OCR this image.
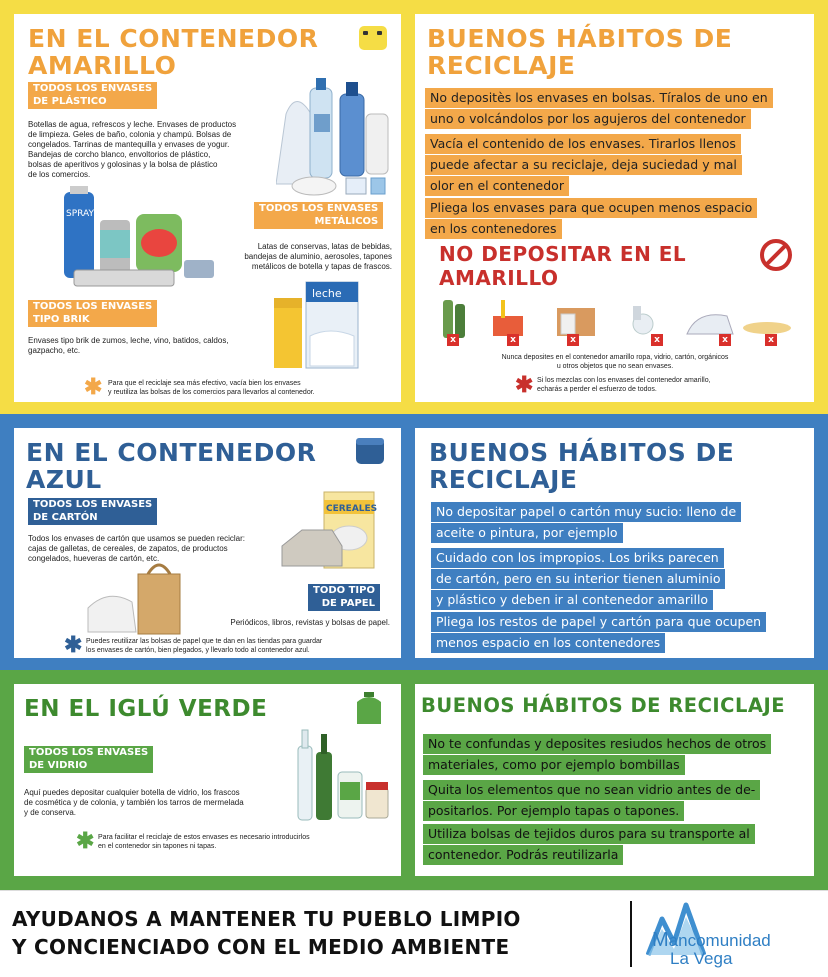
EN EL CONTENEDOR
AMARILLO
TODOS LOS ENVASES
DE PLÁSTICO
Botellas de agua, refrescos y leche. Envases de productos
de limpieza. Geles de baño, colonia y champú. Bolsas de
congelados. Tarrinas de mantequilla y envases de yogur.
Bandejas de corcho blanco, envoltorios de plástico,
bolsas de aperitivos y golosinas y la bolsa de plástico
de los comercios.
SPRAY	TODOS LOS ENVASES
METÁLICOS
Latas de conservas, latas de bebidas,
bandejas de aluminio, aerosoles, tapones
metálicos de botella y tapas de frascos.
TODOS LOS ENVASES
TIPO BRIK
Envases tipo brik de zumos, leche, vino, batidos, caldos,
gazpacho, etc.
leche
✱ Para que el reciclaje sea más efectivo, vacía bien los envases
y reutiliza las bolsas de los comercios para llevarlos al contenedor.
BUENOS HÁBITOS DE
RECICLAJE
No depositès los envases en bolsas. Tíralos de uno en
uno o volcándolos por los agujeros del contenedor
Vacía el contenido de los envases. Tirarlos llenos
puede afectar a su reciclaje, deja suciedad y mal
olor en el contenedor
Pliega los envases para que ocupen menos espacio
en los contenedores
NO DEPOSITAR EN EL
AMARILLO
x	x	x	x	x	x
Nunca deposites en el contenedor amarillo ropa, vidrio, cartón, orgánicos
u otros objetos que no sean envases.
✱ Si los mezclas con los envases del contenedor amarillo,
echarás a perder el esfuerzo de todos.
EN EL CONTENEDOR
AZUL
TODOS LOS ENVASES
DE CARTÓN
Todos los envases de cartón que usamos se pueden reciclar:
cajas de galletas, de cereales, de zapatos, de productos
congelados, hueveras de cartón, etc.
CEREALES
TODO TIPO
DE PAPEL
Periódicos, libros, revistas y bolsas de papel.
✱ Puedes reutilizar las bolsas de papel que te dan en las tiendas para guardar
los envases de cartón, bien plegados, y llevarlo todo al contenedor azul.
BUENOS HÁBITOS DE
RECICLAJE
No depositar papel o cartón muy sucio: lleno de
aceite o pintura, por ejemplo
Cuidado con los impropios. Los briks parecen
de cartón, pero en su interior tienen aluminio
y plástico y deben ir al contenedor amarillo
Pliega los restos de papel y cartón para que ocupen
menos espacio en los contenedores
EN EL IGLÚ VERDE
TODOS LOS ENVASES
DE VIDRIO
Aquí puedes depositar cualquier botella de vidrio, los frascos
de cosmética y de colonia, y también los tarros de mermelada
y de conserva.
✱ Para facilitar el reciclaje de estos envases es necesario introducirlos
en el contenedor sin tapones ni tapas.
BUENOS HÁBITOS DE RECICLAJE
No te confundas y deposites resiudos hechos de otros
materiales, como por ejemplo bombillas
Quita los elementos que no sean vidrio antes de de-
positarlos. Por ejemplo tapas o tapones.
Utiliza bolsas de tejidos duros para su transporte al
contenedor. Podrás reutilizarla
AYUDANOS A MANTENER TU PUEBLO LIMPIO
Y CONCIENCIADO CON EL MEDIO AMBIENTE	Mancomunidad
La Vega
